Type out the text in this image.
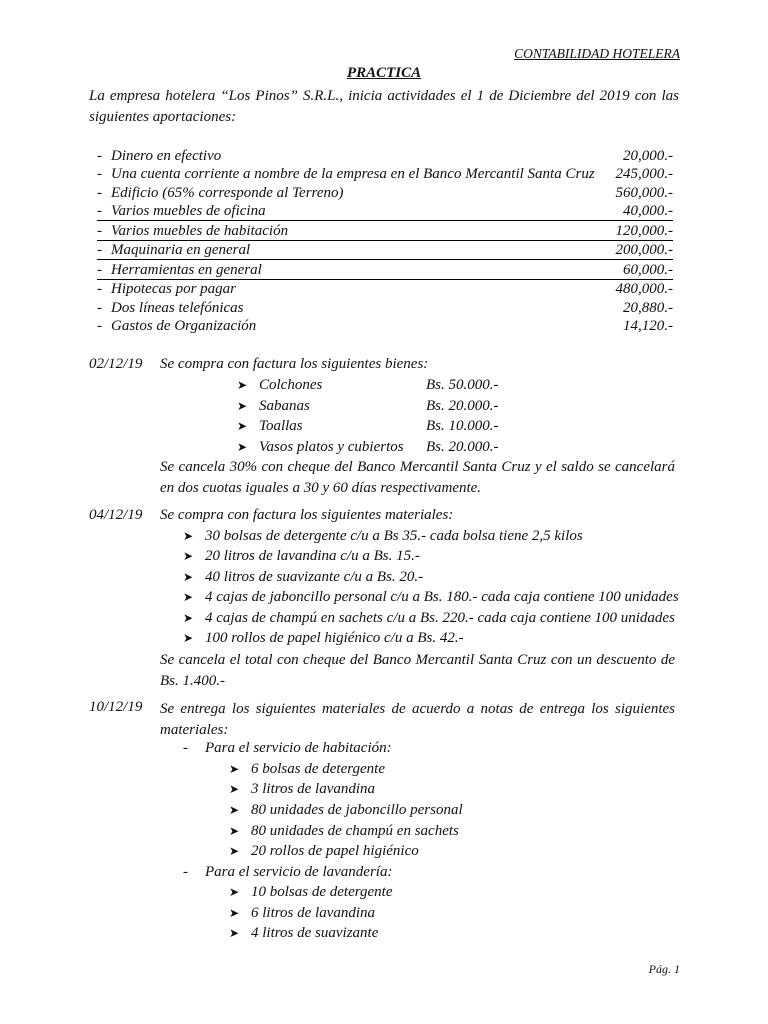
CONTABILIDAD HOTELERA
PRACTICA
La empresa hotelera “Los Pinos” S.R.L., inicia actividades el 1 de Diciembre del 2019 con las siguientes aportaciones:
- Dinero en efectivo	20,000.-
- Una cuenta corriente a nombre de la empresa en el Banco Mercantil Santa Cruz	245,000.-
- Edificio (65% corresponde al Terreno)	560,000.-
- Varios muebles de oficina	40,000.-
- Varios muebles de habitación	120,000.-
- Maquinaria en general	200,000.-
- Herramientas en general	60,000.-
- Hipotecas por pagar	480,000.-
- Dos líneas telefónicas	20,880.-
- Gastos de Organización	14,120.-
02/12/19 Se compra con factura los siguientes bienes:
➤ Colchones	Bs. 50.000.-
➤ Sabanas	Bs. 20.000.-
➤ Toallas	Bs. 10.000.-
➤ Vasos platos y cubiertos Bs. 20.000.-
Se cancela 30% con cheque del Banco Mercantil Santa Cruz y el saldo se cancelará en dos cuotas iguales a 30 y 60 días respectivamente.
04/12/19 Se compra con factura los siguientes materiales:
➤ 30 bolsas de detergente c/u a Bs 35.- cada bolsa tiene 2,5 kilos
➤ 20 litros de lavandina c/u a Bs. 15.-
➤ 40 litros de suavizante c/u a Bs. 20.-
➤ 4 cajas de jaboncillo personal c/u a Bs. 180.- cada caja contiene 100 unidades
➤ 4 cajas de champú en sachets c/u a Bs. 220.- cada caja contiene 100 unidades
➤ 100 rollos de papel higiénico c/u a Bs. 42.-
Se cancela el total con cheque del Banco Mercantil Santa Cruz con un descuento de Bs. 1.400.-
10/12/19 Se entrega los siguientes materiales de acuerdo a notas de entrega los siguientes materiales:
- Para el servicio de habitación:
➤ 6 bolsas de detergente
➤ 3 litros de lavandina
➤ 80 unidades de jaboncillo personal
➤ 80 unidades de champú en sachets
➤ 20 rollos de papel higiénico
- Para el servicio de lavandería:
➤ 10 bolsas de detergente
➤ 6 litros de lavandina
➤ 4 litros de suavizante
Pág. 1
